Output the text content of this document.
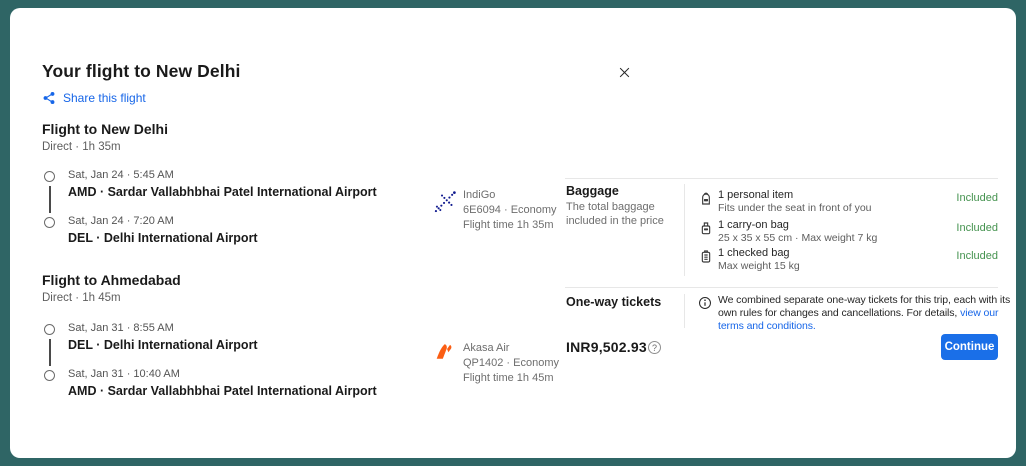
Your flight to New Delhi
Share this flight
Flight to New Delhi
Direct · 1h 35m
Sat, Jan 24 · 5:45 AM
AMD · Sardar Vallabhbhai Patel International Airport
Sat, Jan 24 · 7:20 AM
DEL · Delhi International Airport
Flight to Ahmedabad
Direct · 1h 45m
Sat, Jan 31 · 8:55 AM
DEL · Delhi International Airport
Sat, Jan 31 · 10:40 AM
AMD · Sardar Vallabhbhai Patel International Airport
IndiGo
6E6094 · Economy
Flight time 1h 35m
Akasa Air
QP1402 · Economy
Flight time 1h 45m
Baggage
The total baggage included in the price
1 personal item
Fits under the seat in front of you
Included
1 carry-on bag
25 x 35 x 55 cm · Max weight 7 kg
Included
1 checked bag
Max weight 15 kg
Included
One-way tickets	We combined separate one-way tickets for this trip, each with its own rules for changes and cancellations. For details, view our terms and conditions.
INR9,502.93 ?	Continue
